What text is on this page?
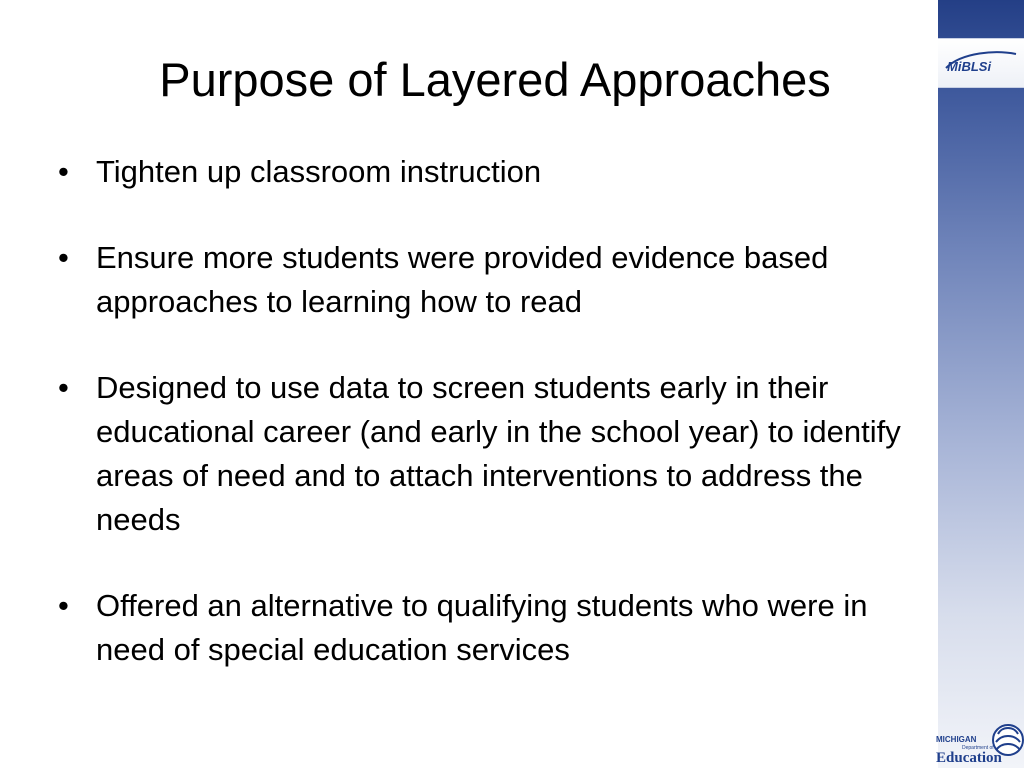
MiBLSi
Purpose of Layered Approaches
• Tighten up classroom instruction
• Ensure more students were provided evidence based approaches to learning how to read
• Designed to use data to screen students early in their educational career (and early in the school year) to identify areas of need and to attach interventions to address the needs
• Offered an alternative to qualifying students who were in need of special education services
MICHIGAN
Department of
Education
